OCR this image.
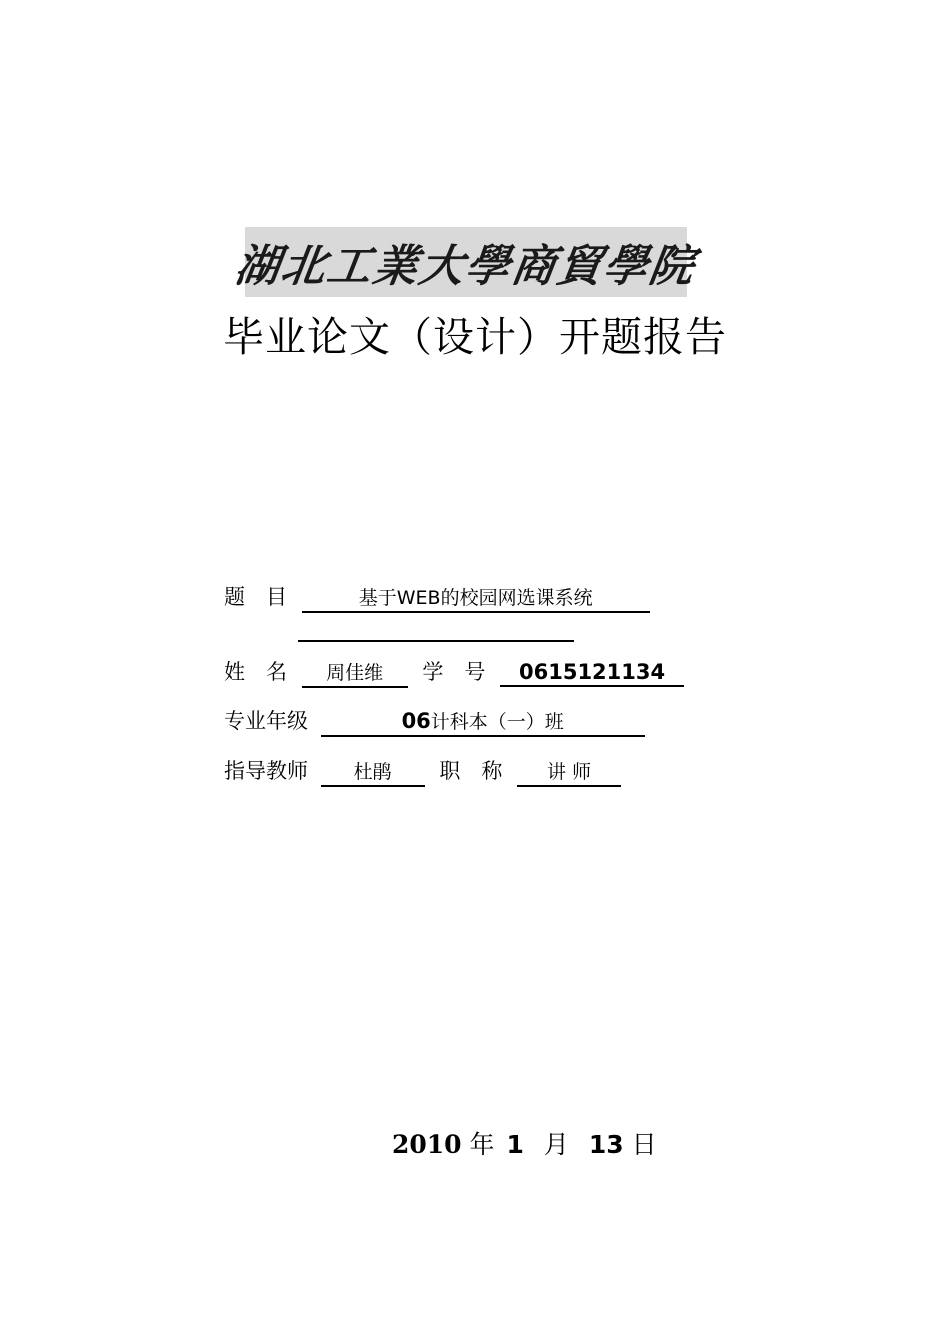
湖北工業大學商貿學院
毕业论文（设计）开题报告
题　目	基于WEB的校园网选课系统
姓　名 周佳维 学　号 0615121134
专业年级	06计科本（一）班
指导教师 杜鹃 职　称 讲 师
2010 年 1 月 13 日
